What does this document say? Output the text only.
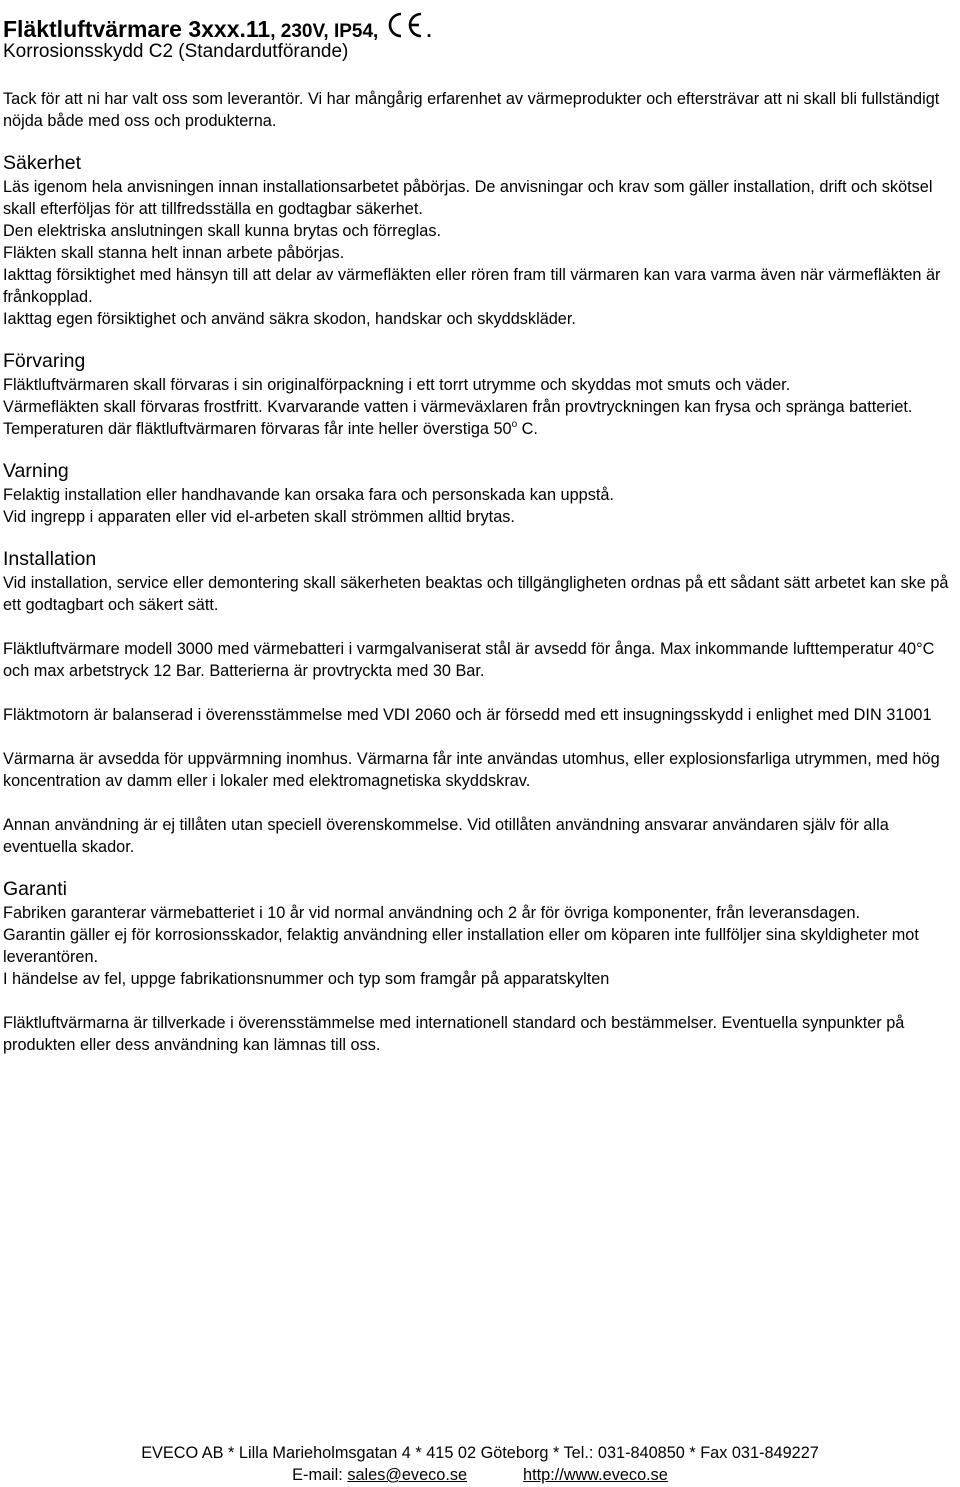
Fläktluftvärmare 3xxx.11, 230V, IP54,	.
Korrosionsskydd C2 (Standardutförande)

Tack för att ni har valt oss som leverantör. Vi har mångårig erfarenhet av värmeprodukter och eftersträvar att ni skall bli fullständigt nöjda både med oss och produkterna.

Säkerhet

Läs igenom hela anvisningen innan installationsarbetet påbörjas. De anvisningar och krav som gäller installation, drift och skötsel skall efterföljas för att tillfredsställa en godtagbar säkerhet.

Den elektriska anslutningen skall kunna brytas och förreglas.

Fläkten skall stanna helt innan arbete påbörjas.

Iakttag försiktighet med hänsyn till att delar av värmefläkten eller rören fram till värmaren kan vara varma även när värmefläkten är frånkopplad.

Iakttag egen försiktighet och använd säkra skodon, handskar och skyddskläder.

Förvaring

Fläktluftvärmaren skall förvaras i sin originalförpackning i ett torrt utrymme och skyddas mot smuts och väder.

Värmefläkten skall förvaras frostfritt. Kvarvarande vatten i värmeväxlaren från provtryckningen kan frysa och spränga batteriet.

Temperaturen där fläktluftvärmaren förvaras får inte heller överstiga 50$^o$ C.

Varning

Felaktig installation eller handhavande kan orsaka fara och personskada kan uppstå.

Vid ingrepp i apparaten eller vid el-arbeten skall strömmen alltid brytas.

Installation

Vid installation, service eller demontering skall säkerheten beaktas och tillgängligheten ordnas på ett sådant sätt arbetet kan ske på ett godtagbart och säkert sätt.

Fläktluftvärmare modell 3000 med värmebatteri i varmgalvaniserat stål är avsedd för ånga. Max inkommande lufttemperatur 40°C och max arbetstryck 12 Bar. Batterierna är provtryckta med 30 Bar.

Fläktmotorn är balanserad i överensstämmelse med VDI 2060 och är försedd med ett insugningsskydd i enlighet med DIN 31001

Värmarna är avsedda för uppvärmning inomhus. Värmarna får inte användas utomhus, eller explosionsfarliga utrymmen, med hög koncentration av damm eller i lokaler med elektromagnetiska skyddskrav.

Annan användning är ej tillåten utan speciell överenskommelse. Vid otillåten användning ansvarar användaren själv för alla eventuella skador.

Garanti

Fabriken garanterar värmebatteriet i 10 år vid normal användning och 2 år för övriga komponenter, från leveransdagen.

Garantin gäller ej för korrosionsskador, felaktig användning eller installation eller om köparen inte fullföljer sina skyldigheter mot leverantören.

I händelse av fel, uppge fabrikationsnummer och typ som framgår på apparatskylten

Fläktluftvärmarna är tillverkade i överensstämmelse med internationell standard och bestämmelser. Eventuella synpunkter på produkten eller dess användning kan lämnas till oss.

EVECO AB * Lilla Marieholmsgatan 4 * 415 02 Göteborg * Tel.: 031-840850 * Fax 031-849227
E-mail: sales@eveco.se	http://www.eveco.se
